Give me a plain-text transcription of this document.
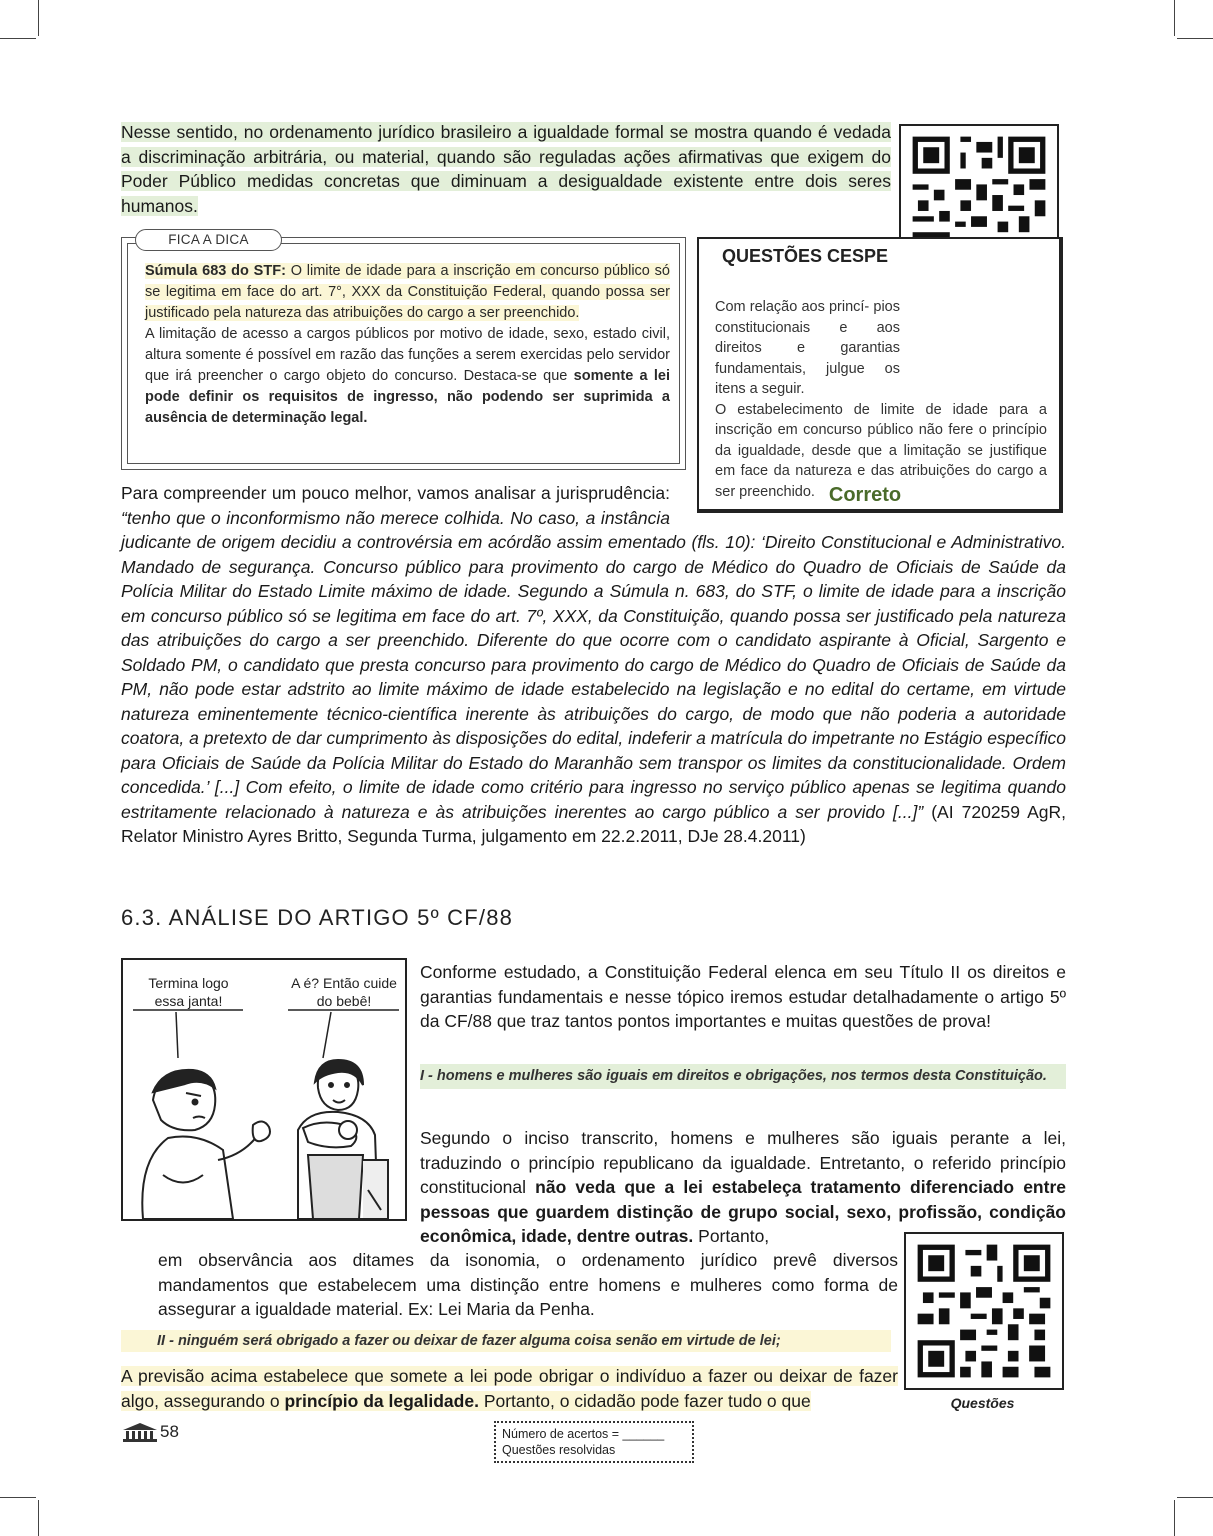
Nesse sentido, no ordenamento jurídico brasileiro a igualdade formal se mostra quando é vedada a discriminação arbitrária, ou material, quando são reguladas ações afirmativas que exigem do Poder Público medidas concretas que diminuam a desigualdade existente entre dois seres humanos.
FICA A DICA
Súmula 683 do STF: O limite de idade para a inscrição em concurso público só se legitima em face do art. 7°, XXX da Constituição Federal, quando possa ser justificado pela natureza das atribuições do cargo a ser preenchido.
A limitação de acesso a cargos públicos por motivo de idade, sexo, estado civil, altura somente é possível em razão das funções a serem exercidas pelo servidor que irá preencher o cargo objeto do concurso. Destaca-se que somente a lei pode definir os requisitos de ingresso, não podendo ser suprimida a ausência de determinação legal.
QUESTÕES CESPE
Com relação aos princí- pios constitucionais e aos direitos e garantias fundamentais, julgue os itens a seguir.
O estabelecimento de limite de idade para a inscrição em concurso público não fere o princípio da igualdade, desde que a limitação se justifique em face da natureza e das atribuições do cargo a ser preenchido. Correto
Para compreender um pouco melhor, vamos analisar a jurisprudência: “tenho que o inconformismo não merece colhida. No caso, a instância judicante de origem decidiu a controvérsia em acórdão assim ementado (fls. 10): ‘Direito Constitucional e Administrativo. Mandado de segurança. Concurso público para provimento do cargo de Médico do Quadro de Oficiais de Saúde da Polícia Militar do Estado Limite máximo de idade. Segundo a Súmula n. 683, do STF, o limite de idade para a inscrição em concurso público só se legitima em face do art. 7º, XXX, da Constituição, quando possa ser justificado pela natureza das atribuições do cargo a ser preenchido. Diferente do que ocorre com o candidato aspirante à Oficial, Sargento e Soldado PM, o candidato que presta concurso para provimento do cargo de Médico do Quadro de Oficiais de Saúde da PM, não pode estar adstrito ao limite máximo de idade estabelecido na legislação e no edital do certame, em virtude natureza eminentemente técnico-científica inerente às atribuições do cargo, de modo que não poderia a autoridade coatora, a pretexto de dar cumprimento às disposições do edital, indeferir a matrícula do impetrante no Estágio específico para Oficiais de Saúde da Polícia Militar do Estado do Maranhão sem transpor os limites da constitucionalidade. Ordem concedida.’ [...] Com efeito, o limite de idade como critério para ingresso no serviço público apenas se legitima quando estritamente relacionado à natureza e às atribuições inerentes ao cargo público a ser provido [...]” (AI 720259 AgR, Relator Ministro Ayres Britto, Segunda Turma, julgamento em 22.2.2011, DJe 28.4.2011)
6.3. ANÁLISE DO ARTIGO 5º CF/88
Termina logo essa janta!
A é? Então cuide do bebê!
Conforme estudado, a Constituição Federal elenca em seu Título II os direitos e garantias fundamentais e nesse tópico iremos estudar detalhadamente o artigo 5º da CF/88 que traz tantos pontos importantes e muitas questões de prova!
I - homens e mulheres são iguais em direitos e obrigações, nos termos desta Constituição.
Segundo o inciso transcrito, homens e mulheres são iguais perante a lei, traduzindo o princípio republicano da igualdade. Entretanto, o referido princípio constitucional não veda que a lei estabeleça tratamento diferenciado entre pessoas que guardem distinção de grupo social, sexo, profissão, condição econômica, idade, dentre outras. Portanto,
em observância aos ditames da isonomia, o ordenamento jurídico prevê diversos mandamentos que estabelecem uma distinção entre homens e mulheres como forma de assegurar a igualdade material. Ex: Lei Maria da Penha.
II - ninguém será obrigado a fazer ou deixar de fazer alguma coisa senão em virtude de lei;
A previsão acima estabelece que somete a lei pode obrigar o indivíduo a fazer ou deixar de fazer algo, assegurando o princípio da legalidade. Portanto, o cidadão pode fazer tudo o que	Questões
58	Número de acertos = ______
Questões resolvidas
